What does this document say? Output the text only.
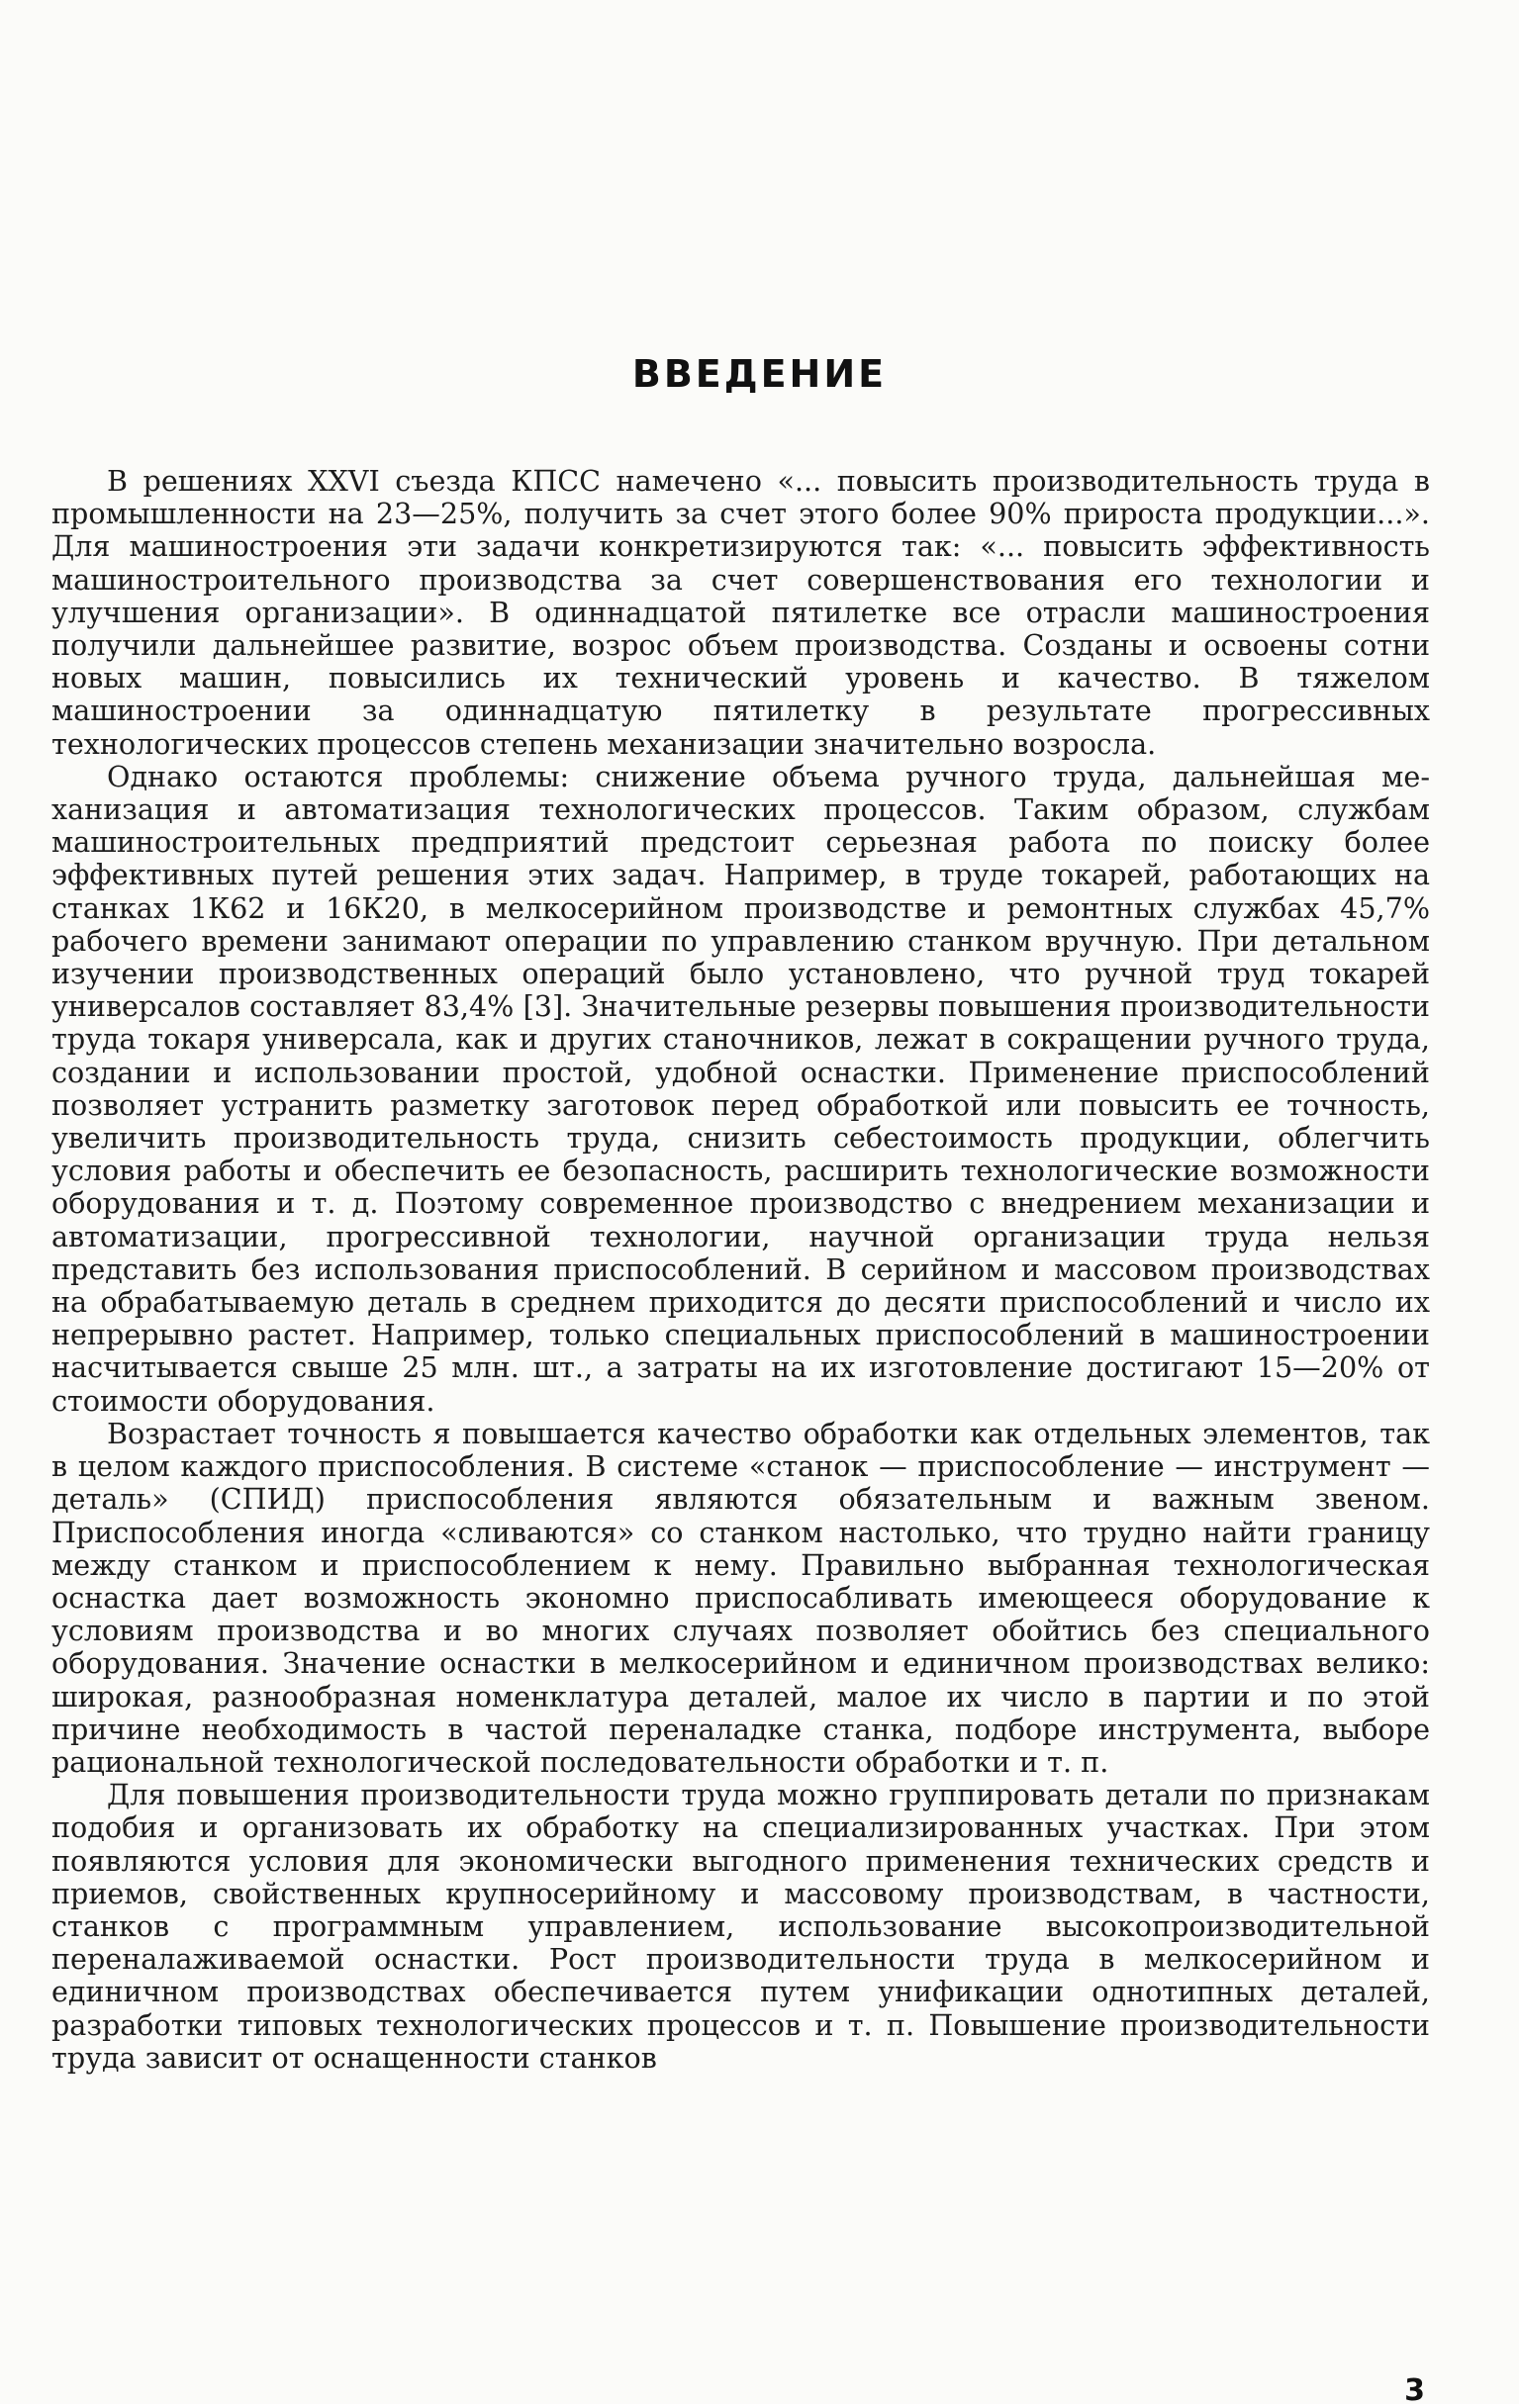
ВВЕДЕНИЕ

В решениях XXVI съезда КПСС намечено «... повысить производительность труда в промышленности на 23—25%, получить за счет этого более 90% прироста продукции...». Для машиностроения эти задачи конкретизируются так: «... повысить эффективность машиностроительного производства за счет совершенствования его технологии и улучшения организации». В одиннадцатой пятилетке все отрасли машиностроения получили дальнейшее развитие, возрос объем производства. Созданы и освоены сотни новых машин, повысились их технический уровень и качество. В тяжелом машиностроении за одиннадцатую пятилетку в результате прогрессивных технологических процессов степень механизации значительно возросла.

Однако остаются проблемы: снижение объема ручного труда, дальнейшая механизация и автоматизация технологических процессов. Таким образом, службам машиностроительных предприятий предстоит серьезная работа по поиску более эффективных путей решения этих задач. Например, в труде токарей, работающих на станках 1К62 и 16К20, в мелкосерийном производстве и ремонтных службах 45,7% рабочего времени занимают операции по управлению станком вручную. При детальном изучении производственных операций было установлено, что ручной труд токарей универсалов составляет 83,4% [3]. Значительные резервы повышения производительности труда токаря универсала, как и других станочников, лежат в сокращении ручного труда, создании и использовании простой, удобной оснастки. Применение приспособлений позволяет устранить разметку заготовок перед обработкой или повысить ее точность, увеличить производительность труда, снизить себестоимость продукции, облегчить условия работы и обеспечить ее безопасность, расширить технологические возможности оборудования и т. д. Поэтому современное производство с внедрением механизации и автоматизации, прогрессивной технологии, научной организации труда нельзя представить без использования приспособлений. В серийном и массовом производствах на обрабатываемую деталь в среднем приходится до десяти приспособлений и число их непрерывно растет. Например, только специальных приспособлений в машиностроении насчитывается свыше 25 млн. шт., а затраты на их изготовление достигают 15—20% от стоимости оборудования.

Возрастает точность я повышается качество обработки как отдельных элементов, так в целом каждого приспособления. В системе «станок — приспособление — инструмент — деталь» (СПИД) приспособления являются обязательным и важным звеном. Приспособления иногда «сливаются» со станком настолько, что трудно найти границу между станком и приспособлением к нему. Правильно выбранная технологическая оснастка дает возможность экономно приспосабливать имеющееся оборудование к условиям производства и во многих случаях позволяет обойтись без специального оборудования. Значение оснастки в мелкосерийном и единичном производствах велико: широкая, разнообразная номенклатура деталей, малое их число в партии и по этой причине необходимость в частой переналадке станка, подборе инструмента, выборе рациональной технологической последовательности обработки и т. п.

Для повышения производительности труда можно группировать детали по признакам подобия и организовать их обработку на специализированных участках. При этом появляются условия для экономически выгодного применения технических средств и приемов, свойственных крупносерийному и массовому производствам, в частности, станков с программным управлением, использование высокопроизводительной переналаживаемой оснастки. Рост производительности труда в мелкосерийном и единичном производствах обеспечивается путем унификации однотипных деталей, разработки типовых технологических процессов и т. п. Повышение производительности труда зависит от оснащенности станков

3
